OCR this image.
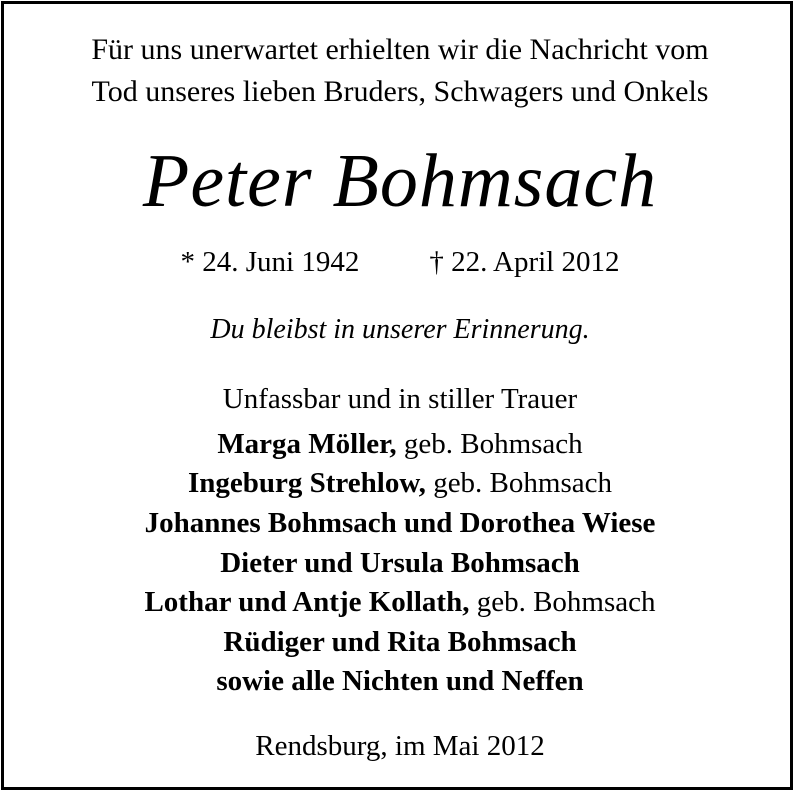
Für uns unerwartet erhielten wir die Nachricht vom
Tod unseres lieben Bruders, Schwagers und Onkels
Peter Bohmsach
* 24. Juni 1942 † 22. April 2012
Du bleibst in unserer Erinnerung.
Unfassbar und in stiller Trauer
Marga Möller, geb. Bohmsach
Ingeburg Strehlow, geb. Bohmsach
Johannes Bohmsach und Dorothea Wiese
Dieter und Ursula Bohmsach
Lothar und Antje Kollath, geb. Bohmsach
Rüdiger und Rita Bohmsach
sowie alle Nichten und Neffen
Rendsburg, im Mai 2012
